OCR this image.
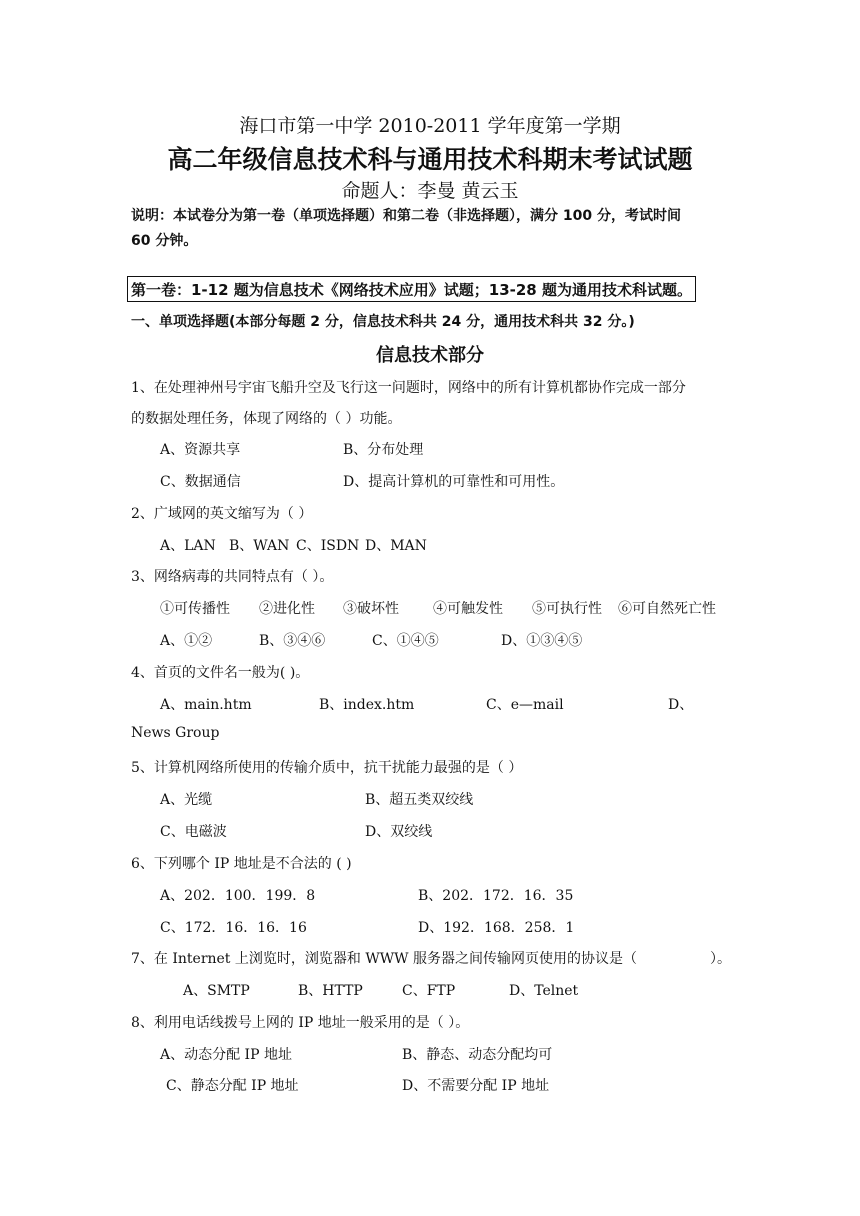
海口市第一中学 2010-2011 学年度第一学期
高二年级信息技术科与通用技术科期末考试试题
命题人：李曼 黄云玉
说明：本试卷分为第一卷（单项选择题）和第二卷（非选择题），满分 100 分，考试时间
60 分钟。
第一卷：1-12 题为信息技术《网络技术应用》试题；13-28 题为通用技术科试题。
一、单项选择题(本部分每题 2 分，信息技术科共 24 分，通用技术科共 32 分。)
信息技术部分
1、在处理神州号宇宙飞船升空及飞行这一问题时，网络中的所有计算机都协作完成一部分
的数据处理任务，体现了网络的（ ）功能。
A、资源共享	B、分布处理
C、数据通信	D、提高计算机的可靠性和可用性。
2、广域网的英文缩写为（ ）
A、LAN B、WAN C、ISDN D、MAN
3、网络病毒的共同特点有（ ）。
①可传播性 ②进化性 ③破坏性 ④可触发性 ⑤可执行性 ⑥可自然死亡性
A、①②	B、③④⑥	C、①④⑤	D、①③④⑤
4、首页的文件名一般为( )。
A、main.htm	B、index.htm	C、e—mail	D、
News Group
5、计算机网络所使用的传输介质中，抗干扰能力最强的是（ ）
A、光缆	B、超五类双绞线
C、电磁波	D、双绞线
6、下列哪个 IP 地址是不合法的 ( )
A、202．100．199．8	B、202．172．16．35
C、172．16．16．16	D、192．168．258．1
7、在 Internet 上浏览时，浏览器和 WWW 服务器之间传输网页使用的协议是（	）。
A、SMTP	B、HTTP	C、FTP	D、Telnet
8、利用电话线拨号上网的 IP 地址一般采用的是（ ）。
A、动态分配 IP 地址	B、静态、动态分配均可
C、静态分配 IP 地址	D、不需要分配 IP 地址
